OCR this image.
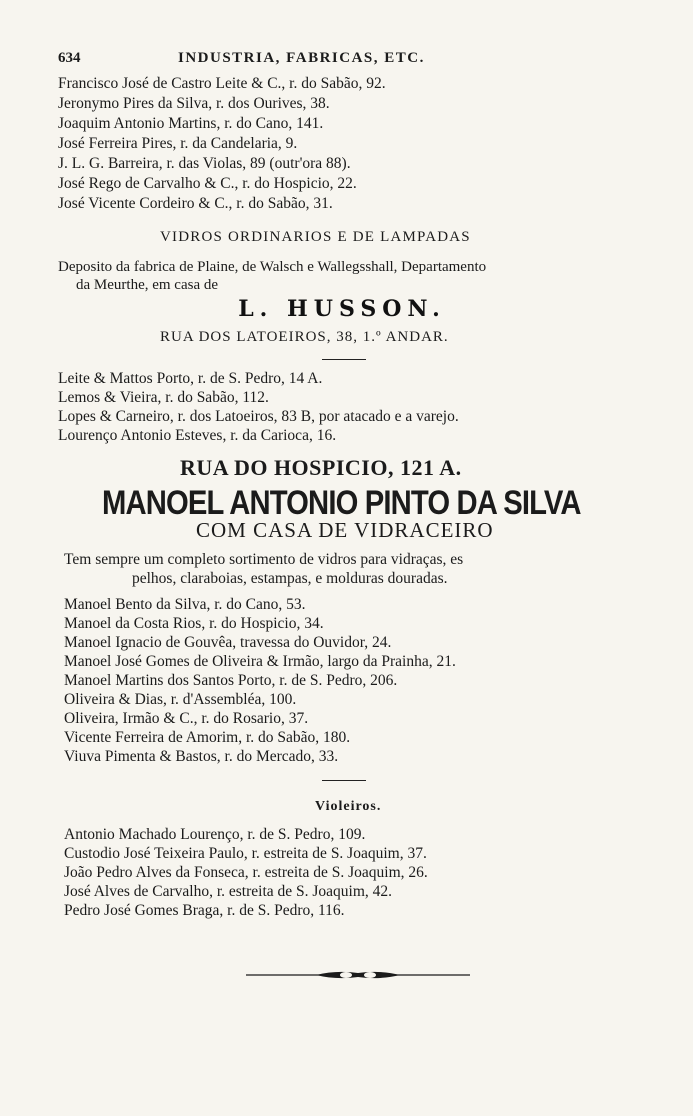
634	INDUSTRIA, FABRICAS, ETC.
Francisco José de Castro Leite & C., r. do Sabão, 92.
Jeronymo Pires da Silva, r. dos Ourives, 38.
Joaquim Antonio Martins, r. do Cano, 141.
José Ferreira Pires, r. da Candelaria, 9.
J. L. G. Barreira, r. das Violas, 89 (outr'ora 88).
José Rego de Carvalho & C., r. do Hospicio, 22.
José Vicente Cordeiro & C., r. do Sabão, 31.
VIDROS ORDINARIOS E DE LAMPADAS
Deposito da fabrica de Plaine, de Walsch e Wallegsshall, Departamento
da Meurthe, em casa de
L. HUSSON.
RUA DOS LATOEIROS, 38, 1.º ANDAR.
Leite & Mattos Porto, r. de S. Pedro, 14 A.
Lemos & Vieira, r. do Sabão, 112.
Lopes & Carneiro, r. dos Latoeiros, 83 B, por atacado e a varejo.
Lourenço Antonio Esteves, r. da Carioca, 16.
RUA DO HOSPICIO, 121 A.
MANOEL ANTONIO PINTO DA SILVA
COM CASA DE VIDRACEIRO
Tem sempre um completo sortimento de vidros para vidraças, es
pelhos, claraboias, estampas, e molduras douradas.
Manoel Bento da Silva, r. do Cano, 53.
Manoel da Costa Rios, r. do Hospicio, 34.
Manoel Ignacio de Gouvêa, travessa do Ouvidor, 24.
Manoel José Gomes de Oliveira & Irmão, largo da Prainha, 21.
Manoel Martins dos Santos Porto, r. de S. Pedro, 206.
Oliveira & Dias, r. d'Assembléa, 100.
Oliveira, Irmão & C., r. do Rosario, 37.
Vicente Ferreira de Amorim, r. do Sabão, 180.
Viuva Pimenta & Bastos, r. do Mercado, 33.
Violeiros.
Antonio Machado Lourenço, r. de S. Pedro, 109.
Custodio José Teixeira Paulo, r. estreita de S. Joaquim, 37.
João Pedro Alves da Fonseca, r. estreita de S. Joaquim, 26.
José Alves de Carvalho, r. estreita de S. Joaquim, 42.
Pedro José Gomes Braga, r. de S. Pedro, 116.
